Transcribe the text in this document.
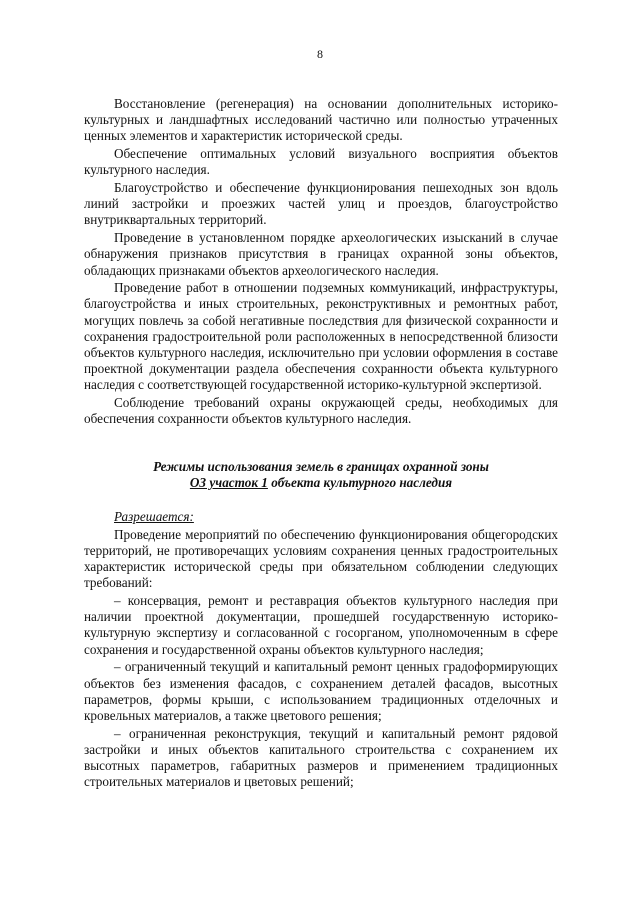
8

Восстановление (регенерация) на основании дополнительных историко-культурных и ландшафтных исследований частично или полностью утраченных ценных элементов и характеристик исторической среды.

Обеспечение оптимальных условий визуального восприятия объектов культурного наследия.

Благоустройство и обеспечение функционирования пешеходных зон вдоль линий застройки и проезжих частей улиц и проездов, благоустройство внутриквартальных территорий.

Проведение в установленном порядке археологических изысканий в случае обнаружения признаков присутствия в границах охранной зоны объектов, обладающих признаками объектов археологического наследия.

Проведение работ в отношении подземных коммуникаций, инфраструктуры, благоустройства и иных строительных, реконструктивных и ремонтных работ, могущих повлечь за собой негативные последствия для физической сохранности и сохранения градостроительной роли расположенных в непосредственной близости объектов культурного наследия, исключительно при условии оформления в составе проектной документации раздела обеспечения сохранности объекта культурного наследия с соответствующей государственной историко-культурной экспертизой.

Соблюдение требований охраны окружающей среды, необходимых для обеспечения сохранности объектов культурного наследия.

Режимы использования земель в границах охранной зоны
ОЗ участок 1 объекта культурного наследия
Разрешается:

Проведение мероприятий по обеспечению функционирования общегородских территорий, не противоречащих условиям сохранения ценных градостроительных характеристик исторической среды при обязательном соблюдении следующих требований:

– консервация, ремонт и реставрация объектов культурного наследия при наличии проектной документации, прошедшей государственную историко-культурную экспертизу и согласованной с госорганом, уполномоченным в сфере сохранения и государственной охраны объектов культурного наследия;

– ограниченный текущий и капитальный ремонт ценных градоформирующих объектов без изменения фасадов, с сохранением деталей фасадов, высотных параметров, формы крыши, с использованием традиционных отделочных и кровельных материалов, а также цветового решения;

– ограниченная реконструкция, текущий и капитальный ремонт рядовой застройки и иных объектов капитального строительства с сохранением их высотных параметров, габаритных размеров и применением традиционных строительных материалов и цветовых решений;
